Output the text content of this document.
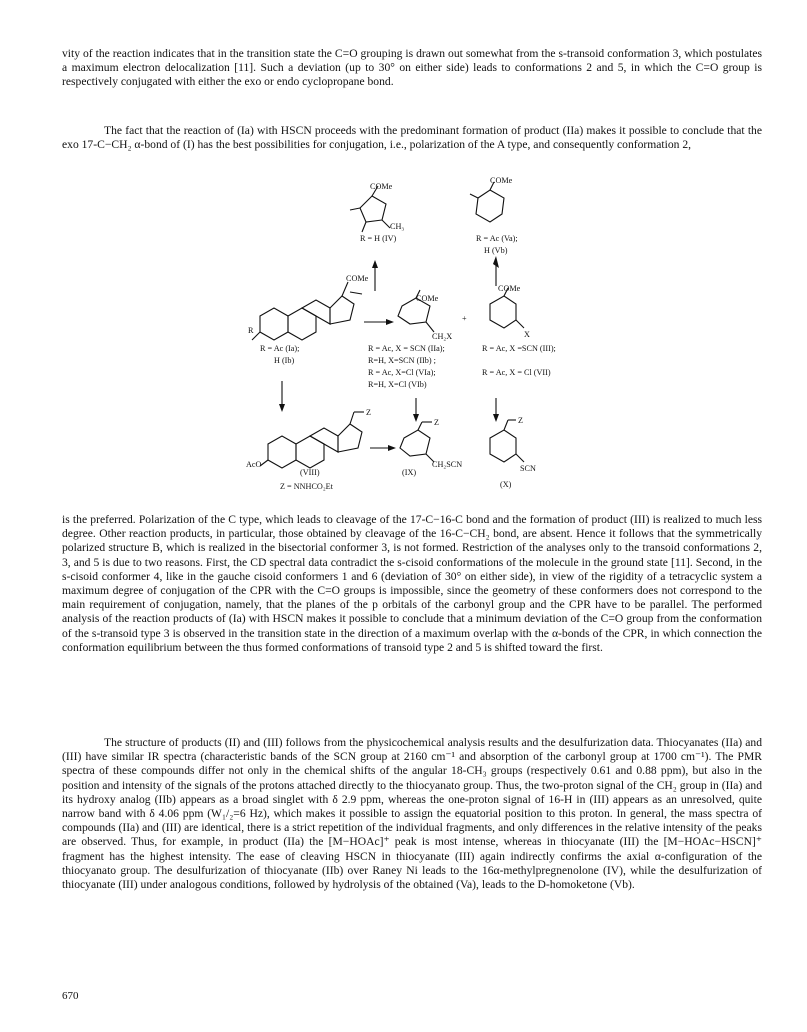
vity of the reaction indicates that in the transition state the C=O grouping is drawn out somewhat from the s-transoid conformation 3, which postulates a maximum electron delocalization [11]. Such a deviation (up to 30° on either side) leads to conformations 2 and 5, in which the C=O group is respectively conjugated with either the exo or endo cyclopropane bond.

The fact that the reaction of (Ia) with HSCN proceeds with the predominant formation of product (IIa) makes it possible to conclude that the exo 17-C−CH₂ α-bond of (I) has the best possibilities for conjugation, i.e., polarization of the A type, and consequently conformation 2,

COMe
COMe
CH₃
R = H (IV)	R = Ac (Va);
H (Vb)
COMe
COMe
COMe
R
+
CH₂X	X
R = Ac (Ia);
H (Ib)
R = Ac, X = SCN (IIa);
R=H, X=SCN (IIb) ;
R = Ac, X=Cl (VIa);
R=H, X=Cl (VIb)
R = Ac, X =SCN (III);
R = Ac, X = Cl (VII)
Z
Z	Z
AcO	CH₂SCN	SCN
(VIII)	(IX)
(X)
Z = NNHCO₂Et

is the preferred. Polarization of the C type, which leads to cleavage of the 17-C−16-C bond and the formation of product (III) is realized to much less degree. Other reaction products, in particular, those obtained by cleavage of the 16-C−CH₂ bond, are absent. Hence it follows that the symmetrically polarized structure B, which is realized in the bisectorial conformer 3, is not formed. Restriction of the analyses only to the transoid conformations 2, 3, and 5 is due to two reasons. First, the CD spectral data contradict the s-cisoid conformations of the molecule in the ground state [11]. Second, in the s-cisoid conformer 4, like in the gauche cisoid conformers 1 and 6 (deviation of 30° on either side), in view of the rigidity of a tetracyclic system a maximum degree of conjugation of the CPR with the C=O groups is impossible, since the geometry of these conformers does not correspond to the main requirement of conjugation, namely, that the planes of the p orbitals of the carbonyl group and the CPR have to be parallel. The performed analysis of the reaction products of (Ia) with HSCN makes it possible to conclude that a minimum deviation of the C=O group from the conformation of the s-transoid type 3 is observed in the transition state in the direction of a maximum overlap with the α-bonds of the CPR, in which connection the conformation equilibrium between the thus formed conformations of transoid type 2 and 5 is shifted toward the first.

The structure of products (II) and (III) follows from the physicochemical analysis results and the desulfurization data. Thiocyanates (IIa) and (III) have similar IR spectra (characteristic bands of the SCN group at 2160 cm⁻¹ and absorption of the carbonyl group at 1700 cm⁻¹). The PMR spectra of these compounds differ not only in the chemical shifts of the angular 18-CH₃ groups (respectively 0.61 and 0.88 ppm), but also in the position and intensity of the signals of the protons attached directly to the thiocyanato group. Thus, the two-proton signal of the CH₂ group in (IIa) and its hydroxy analog (IIb) appears as a broad singlet with δ 2.9 ppm, whereas the one-proton signal of 16-H in (III) appears as an unresolved, quite narrow band with δ 4.06 ppm (W₁/₂=6 Hz), which makes it possible to assign the equatorial position to this proton. In general, the mass spectra of compounds (IIa) and (III) are identical, there is a strict repetition of the individual fragments, and only differences in the relative intensity of the peaks are observed. Thus, for example, in product (IIa) the [M−HOAc]⁺ peak is most intense, whereas in thiocyanate (III) the [M−HOAc−HSCN]⁺ fragment has the highest intensity. The ease of cleaving HSCN in thiocyanate (III) again indirectly confirms the axial α-configuration of the thiocyanato group. The desulfurization of thiocyanate (IIb) over Raney Ni leads to the 16α-methylpregnenolone (IV), while the desulfurization of thiocyanate (III) under analogous conditions, followed by hydrolysis of the obtained (Va), leads to the D-homoketone (Vb).

670
